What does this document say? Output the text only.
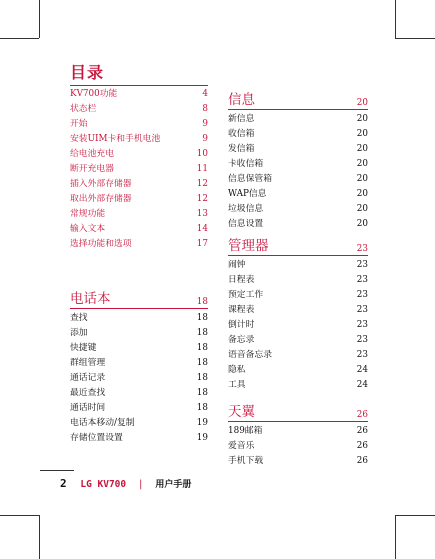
目录
KV700功能	4
状态栏	8
开始	9
安装UIM卡和手机电池	9
给电池充电	10
断开充电器	11
插入外部存储器	12
取出外部存储器	12
常规功能	13
输入文本	14
选择功能和选项	17
电话本	18
查找	18
添加	18
快捷键	18
群组管理	18
通话记录	18
最近查找	18
通话时间	18
电话本移动/复制	19
存储位置设置	19
信息	20
新信息	20
收信箱	20
发信箱	20
卡收信箱	20
信息保管箱	20
WAP信息	20
垃圾信息	20
信息设置	20
管理器	23
闹钟	23
日程表	23
预定工作	23
课程表	23
倒计时	23
备忘录	23
语音备忘录	23
隐私	24
工具	24
天翼	26
189邮箱	26
爱音乐	26
手机下载	26
2 LG KV700 | 用户手册
